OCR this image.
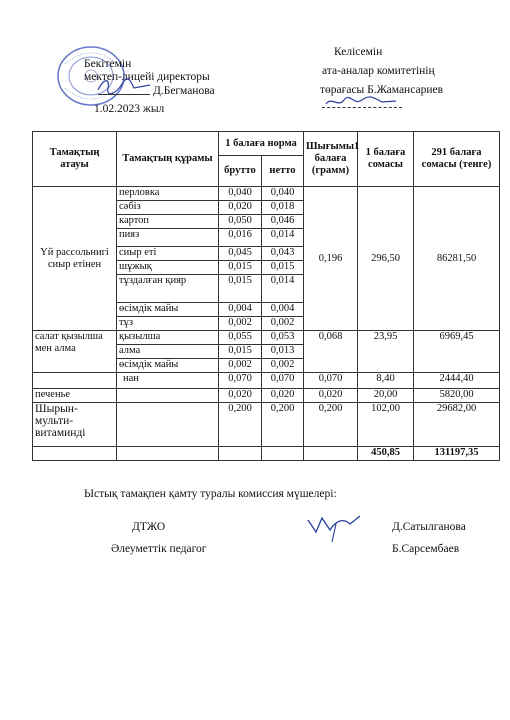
Бекітемін
мектеп-лицейі директоры
Д.Бегманова
1.02.2023 жыл
Келісемін
ата-аналар комитетінің
төрағасы Б.Жамансариев
Тамақтың атауы	Тамақтың құрамы	1 балаға норма		Шығымы1 балаға (грамм)	1 балаға сомасы	291 балаға сомасы (тенге)
		брутто	нетто			
Үй рассольнигі сиыр етінен	перловка	0,040	0,040	0,196	296,50	86281,50
	сәбіз	0,020	0,018			
	картоп	0,050	0,046			
	пияз	0,016	0,014			
	сиыр еті	0,045	0,043			
	шұжық	0,015	0,015			
	тұздалған қияр	0,015	0,014			
	өсімдік майы	0,004	0,004			
	тұз	0,002	0,002			
салат қызылша мен алма	қызылша	0,055	0,053	0,068	23,95	6969,45
	алма	0,015	0,013			
	өсімдік майы	0,002	0,002			
	нан	0,070	0,070	0,070	8,40	2444,40
печенье		0,020	0,020	0,020	20,00	5820,00
Шырын-мульти-витаминді		0,200	0,200	0,200	102,00	29682,00
					450,85	131197,35
Ыстық тамақпен қамту туралы комиссия мүшелері:
ДТЖО	Д.Сатылганова
Әлеуметтік педагог	Б.Сарсембаев
